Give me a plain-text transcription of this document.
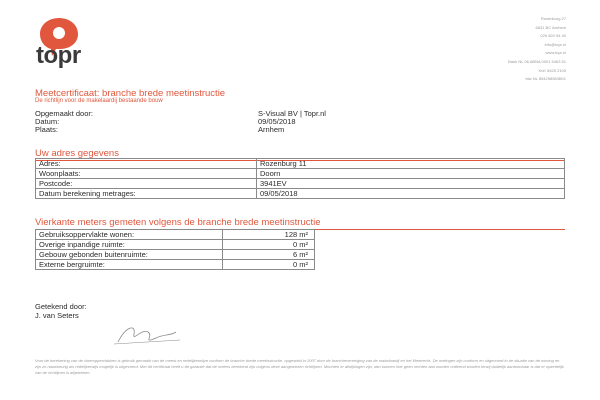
topr
Rozenburg 27
6831 BC Arnhem
026 820 94 40
info@topr.nl
www.topr.nl
Bank NL 06 ABNA 0001 5463 51
KvK 8425 2105
btw NL 854298583B01
Meetcertificaat: branche brede meetinstructie
De richtlijn voor de makelaardij bestaande bouw
Opgemaakt door:	S-Visual BV | Topr.nl
Datum:	09/05/2018
Plaats:	Arnhem
Uw adres gegevens
Adres:	Rozenburg 11
Woonplaats:	Doorn
Postcode:	3941EV
Datum berekening metrages:	09/05/2018
Vierkante meters gemeten volgens de branche brede meetinstructie
Gebruiksoppervlakte wonen:	128 m²
Overige inpandige ruimte:	0 m²
Gebouw gebonden buitenruimte:	6 m²
Externe bergruimte:	0 m²
Getekend door:
J. van Seters
Voor de berekening van de vloeroppervlakken is gebruik gemaakt van de meest en redelijkerwijze conform de branche brede meetinstructie, opgesteld in 2007 door de branchevereniging van de makelaardij en het Meetrecht. De metingen zijn conform en uitgevoerd in de situatie van de woning en zijn zo nauwkeurig als redelijkerwijs mogelijk is uitgevoerd. Met dit certificaat heeft u de garantie dat de meters berekend zijn volgens deze aangewezen richtlijnen. Mochten er afwijkingen zijn, dan kunnen hier geen rechten aan worden ontleend worden tenzij duidelijk aantoonbaar is dat er opzettelijk van de richtlijnen is afgeweken.
